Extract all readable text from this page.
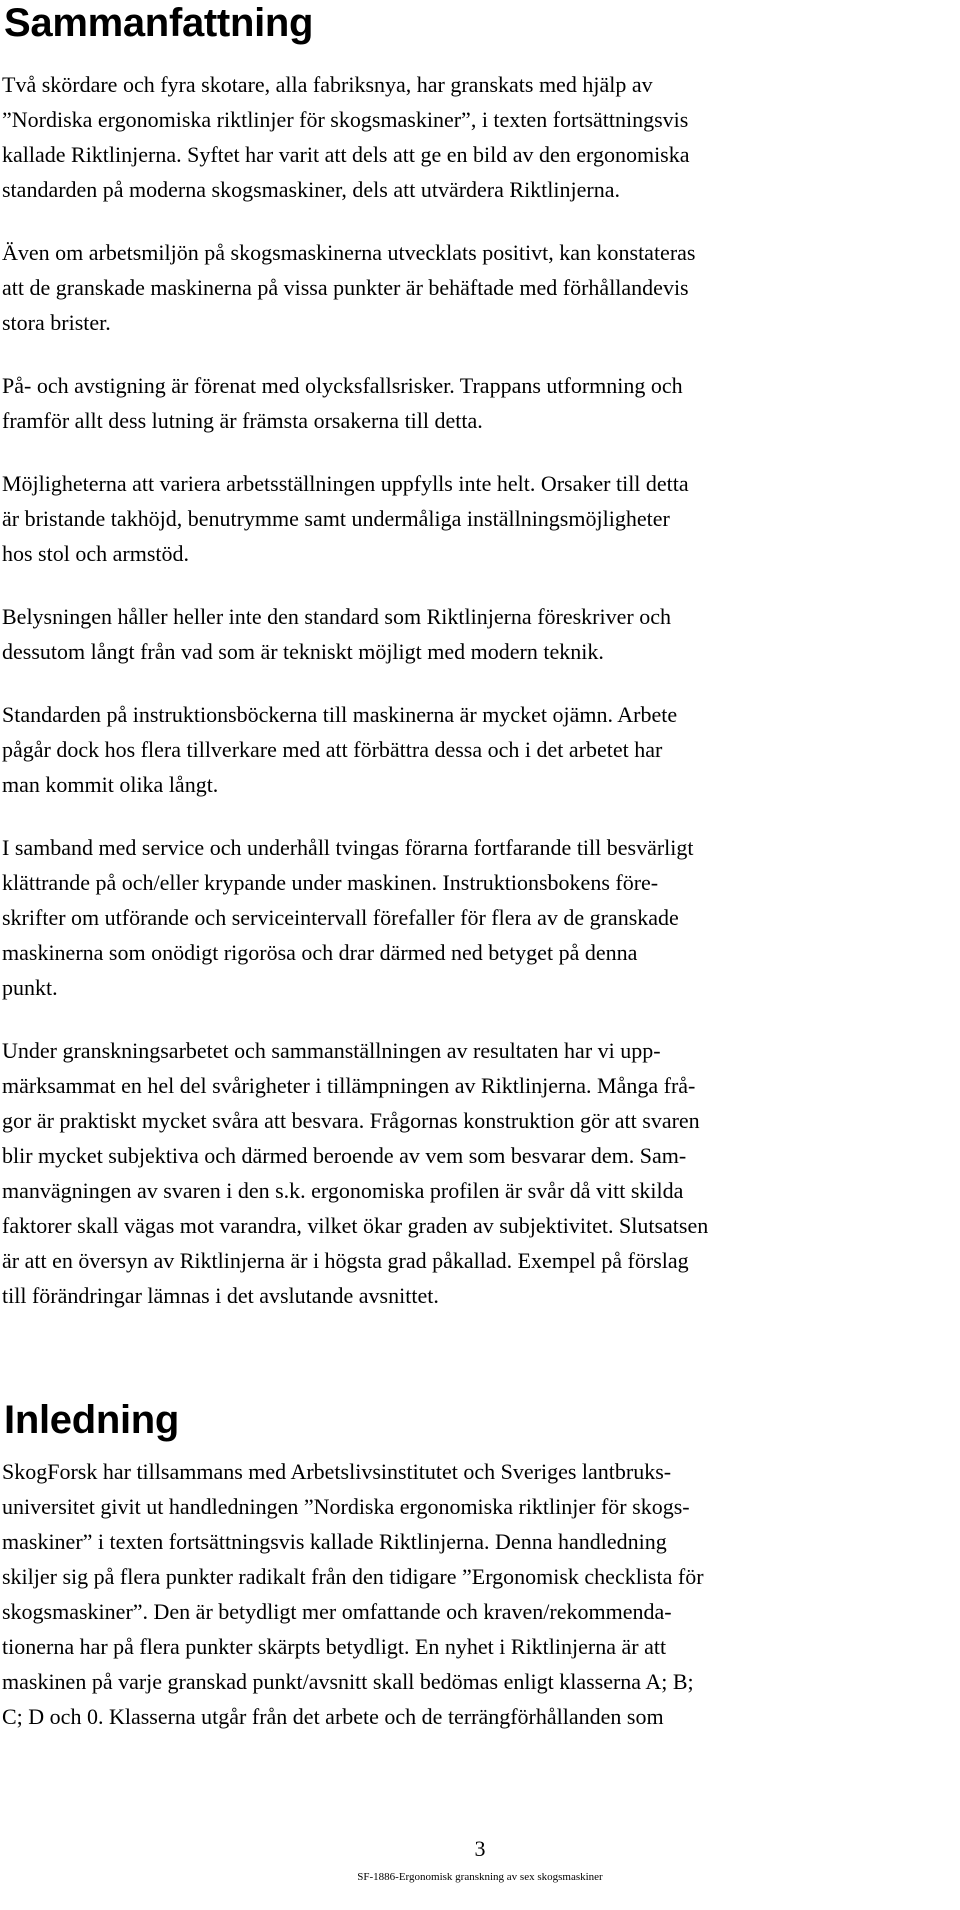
Sammanfattning

Två skördare och fyra skotare, alla fabriksnya, har granskats med hjälp av
”Nordiska ergonomiska riktlinjer för skogsmaskiner”, i texten fortsättningsvis
kallade Riktlinjerna. Syftet har varit att dels att ge en bild av den ergonomiska
standarden på moderna skogsmaskiner, dels att utvärdera Riktlinjerna.

Även om arbetsmiljön på skogsmaskinerna utvecklats positivt, kan konstateras
att de granskade maskinerna på vissa punkter är behäftade med förhållandevis
stora brister.

På- och avstigning är förenat med olycksfallsrisker. Trappans utformning och
framför allt dess lutning är främsta orsakerna till detta.

Möjligheterna att variera arbetsställningen uppfylls inte helt. Orsaker till detta
är bristande takhöjd, benutrymme samt undermåliga inställningsmöjligheter
hos stol och armstöd.

Belysningen håller heller inte den standard som Riktlinjerna föreskriver och
dessutom långt från vad som är tekniskt möjligt med modern teknik.

Standarden på instruktionsböckerna till maskinerna är mycket ojämn. Arbete
pågår dock hos flera tillverkare med att förbättra dessa och i det arbetet har
man kommit olika långt.

I samband med service och underhåll tvingas förarna fortfarande till besvärligt
klättrande på och/eller krypande under maskinen. Instruktionsbokens före-
skrifter om utförande och serviceintervall förefaller för flera av de granskade
maskinerna som onödigt rigorösa och drar därmed ned betyget på denna
punkt.

Under granskningsarbetet och sammanställningen av resultaten har vi upp-
märksammat en hel del svårigheter i tillämpningen av Riktlinjerna. Många frå-
gor är praktiskt mycket svåra att besvara. Frågornas konstruktion gör att svaren
blir mycket subjektiva och därmed beroende av vem som besvarar dem. Sam-
manvägningen av svaren i den s.k. ergonomiska profilen är svår då vitt skilda
faktorer skall vägas mot varandra, vilket ökar graden av subjektivitet. Slutsatsen
är att en översyn av Riktlinjerna är i högsta grad påkallad. Exempel på förslag
till förändringar lämnas i det avslutande avsnittet.

Inledning

SkogForsk har tillsammans med Arbetslivsinstitutet och Sveriges lantbruks-
universitet givit ut handledningen ”Nordiska ergonomiska riktlinjer för skogs-
maskiner” i texten fortsättningsvis kallade Riktlinjerna. Denna handledning
skiljer sig på flera punkter radikalt från den tidigare ”Ergonomisk checklista för
skogsmaskiner”. Den är betydligt mer omfattande och kraven/rekommenda-
tionerna har på flera punkter skärpts betydligt. En nyhet i Riktlinjerna är att
maskinen på varje granskad punkt/avsnitt skall bedömas enligt klasserna A; B;
C; D och 0. Klasserna utgår från det arbete och de terrängförhållanden som

3
SF-1886-Ergonomisk granskning av sex skogsmaskiner
